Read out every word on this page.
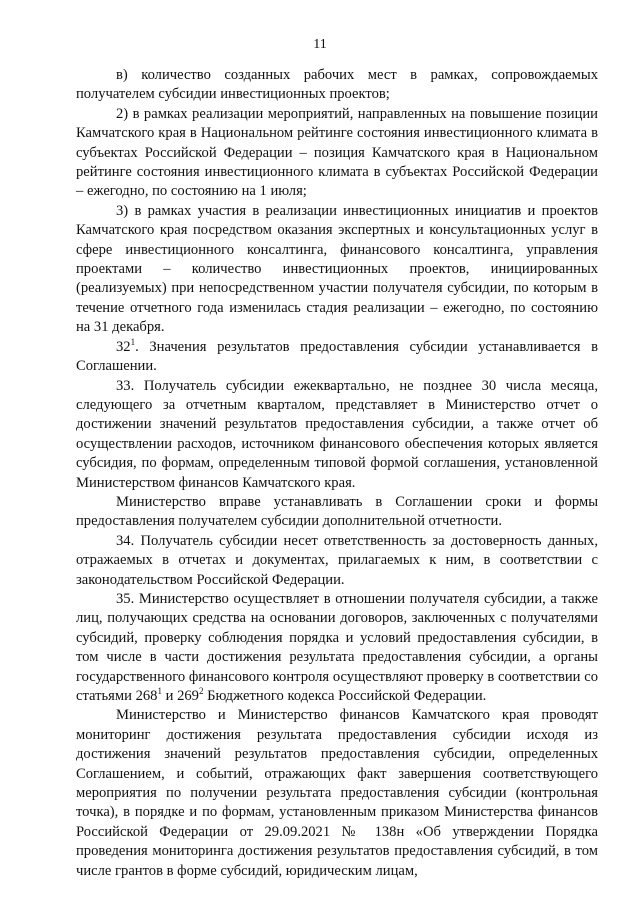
11

в) количество созданных рабочих мест в рамках, сопровождаемых получателем субсидии инвестиционных проектов;

2) в рамках реализации мероприятий, направленных на повышение позиции Камчатского края в Национальном рейтинге состояния инвестиционного климата в субъектах Российской Федерации – позиция Камчатского края в Национальном рейтинге состояния инвестиционного климата в субъектах Российской Федерации – ежегодно, по состоянию на 1 июля;

3) в рамках участия в реализации инвестиционных инициатив и проектов Камчатского края посредством оказания экспертных и консультационных услуг в сфере инвестиционного консалтинга, финансового консалтинга, управления проектами – количество инвестиционных проектов, инициированных (реализуемых) при непосредственном участии получателя субсидии, по которым в течение отчетного года изменилась стадия реализации – ежегодно, по состоянию на 31 декабря.

$32^1$. Значения результатов предоставления субсидии устанавливается в Соглашении.

33. Получатель субсидии ежеквартально, не позднее 30 числа месяца, следующего за отчетным кварталом, представляет в Министерство отчет о достижении значений результатов предоставления субсидии, а также отчет об осуществлении расходов, источником финансового обеспечения которых является субсидия, по формам, определенным типовой формой соглашения, установленной Министерством финансов Камчатского края.

Министерство вправе устанавливать в Соглашении сроки и формы предоставления получателем субсидии дополнительной отчетности.

34. Получатель субсидии несет ответственность за достоверность данных, отражаемых в отчетах и документах, прилагаемых к ним, в соответствии с законодательством Российской Федерации.

35. Министерство осуществляет в отношении получателя субсидии, а также лиц, получающих средства на основании договоров, заключенных с получателями субсидий, проверку соблюдения порядка и условий предоставления субсидии, в том числе в части достижения результата предоставления субсидии, а органы государственного финансового контроля осуществляют проверку в соответствии со статьями $268^1$ и $269^2$ Бюджетного кодекса Российской Федерации.

Министерство и Министерство финансов Камчатского края проводят мониторинг достижения результата предоставления субсидии исходя из достижения значений результатов предоставления субсидии, определенных Соглашением, и событий, отражающих факт завершения соответствующего мероприятия по получении результата предоставления субсидии (контрольная точка), в порядке и по формам, установленным приказом Министерства финансов Российской Федерации от 29.09.2021 № 138н «Об утверждении Порядка проведения мониторинга достижения результатов предоставления субсидий, в том числе грантов в форме субсидий, юридическим лицам,
